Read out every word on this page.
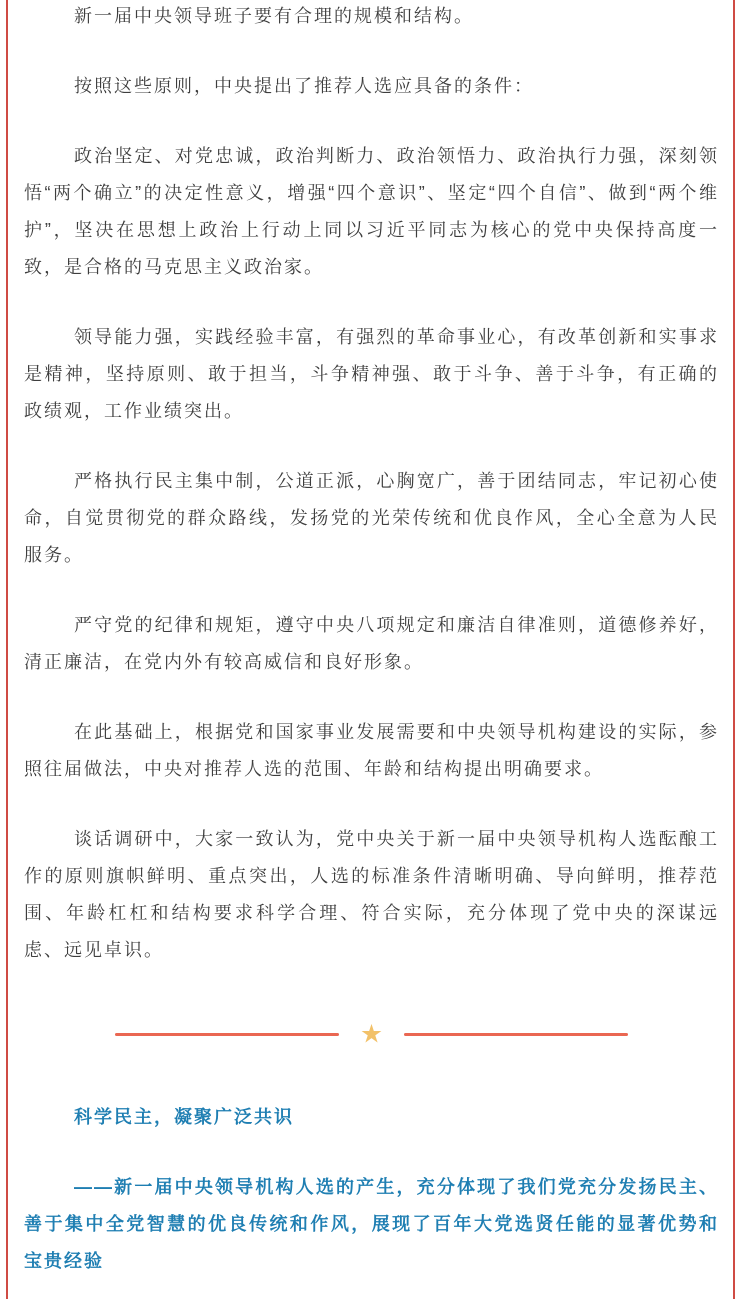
新一届中央领导班子要有合理的规模和结构。

按照这些原则，中央提出了推荐人选应具备的条件：

政治坚定、对党忠诚，政治判断力、政治领悟力、政治执行力强，深刻领悟“两个确立”的决定性意义，增强“四个意识”、坚定“四个自信”、做到“两个维护”，坚决在思想上政治上行动上同以习近平同志为核心的党中央保持高度一致，是合格的马克思主义政治家。

领导能力强，实践经验丰富，有强烈的革命事业心，有改革创新和实事求是精神，坚持原则、敢于担当，斗争精神强、敢于斗争、善于斗争，有正确的政绩观，工作业绩突出。

严格执行民主集中制，公道正派，心胸宽广，善于团结同志，牢记初心使命，自觉贯彻党的群众路线，发扬党的光荣传统和优良作风，全心全意为人民服务。

严守党的纪律和规矩，遵守中央八项规定和廉洁自律准则，道德修养好，清正廉洁，在党内外有较高威信和良好形象。

在此基础上，根据党和国家事业发展需要和中央领导机构建设的实际，参照往届做法，中央对推荐人选的范围、年龄和结构提出明确要求。

谈话调研中，大家一致认为，党中央关于新一届中央领导机构人选酝酿工作的原则旗帜鲜明、重点突出，人选的标准条件清晰明确、导向鲜明，推荐范围、年龄杠杠和结构要求科学合理、符合实际，充分体现了党中央的深谋远虑、远见卓识。

★

科学民主，凝聚广泛共识

——新一届中央领导机构人选的产生，充分体现了我们党充分发扬民主、善于集中全党智慧的优良传统和作风，展现了百年大党选贤任能的显著优势和宝贵经验
